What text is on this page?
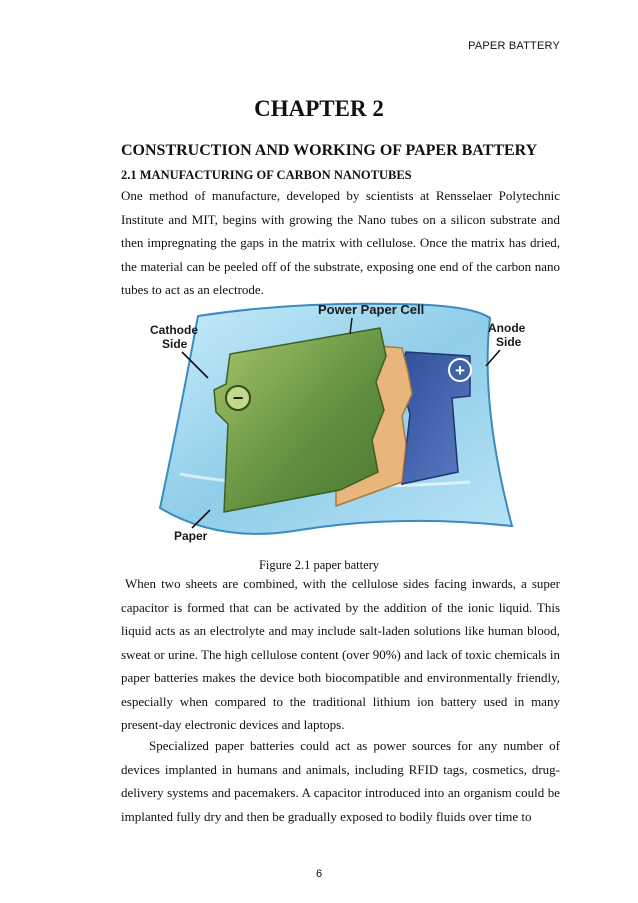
PAPER BATTERY
CHAPTER 2
CONSTRUCTION AND WORKING OF PAPER BATTERY
2.1 MANUFACTURING OF CARBON NANOTUBES

One method of manufacture, developed by scientists at Rensselaer Polytechnic Institute and MIT, begins with growing the Nano tubes on a silicon substrate and then impregnating the gaps in the matrix with cellulose. Once the matrix has dried, the material can be peeled off of the substrate, exposing one end of the carbon nano tubes to act as an electrode.

−
+
Power Paper Cell
Cathode
Side
Anode
Side
Paper
Figure 2.1 paper battery

When two sheets are combined, with the cellulose sides facing inwards, a super capacitor is formed that can be activated by the addition of the ionic liquid. This liquid acts as an electrolyte and may include salt-laden solutions like human blood, sweat or urine. The high cellulose content (over 90%) and lack of toxic chemicals in paper batteries makes the device both biocompatible and environmentally friendly, especially when compared to the traditional lithium ion battery used in many present-day electronic devices and laptops.

Specialized paper batteries could act as power sources for any number of devices implanted in humans and animals, including RFID tags, cosmetics, drug-delivery systems and pacemakers. A capacitor introduced into an organism could be implanted fully dry and then be gradually exposed to bodily fluids over time to

6
